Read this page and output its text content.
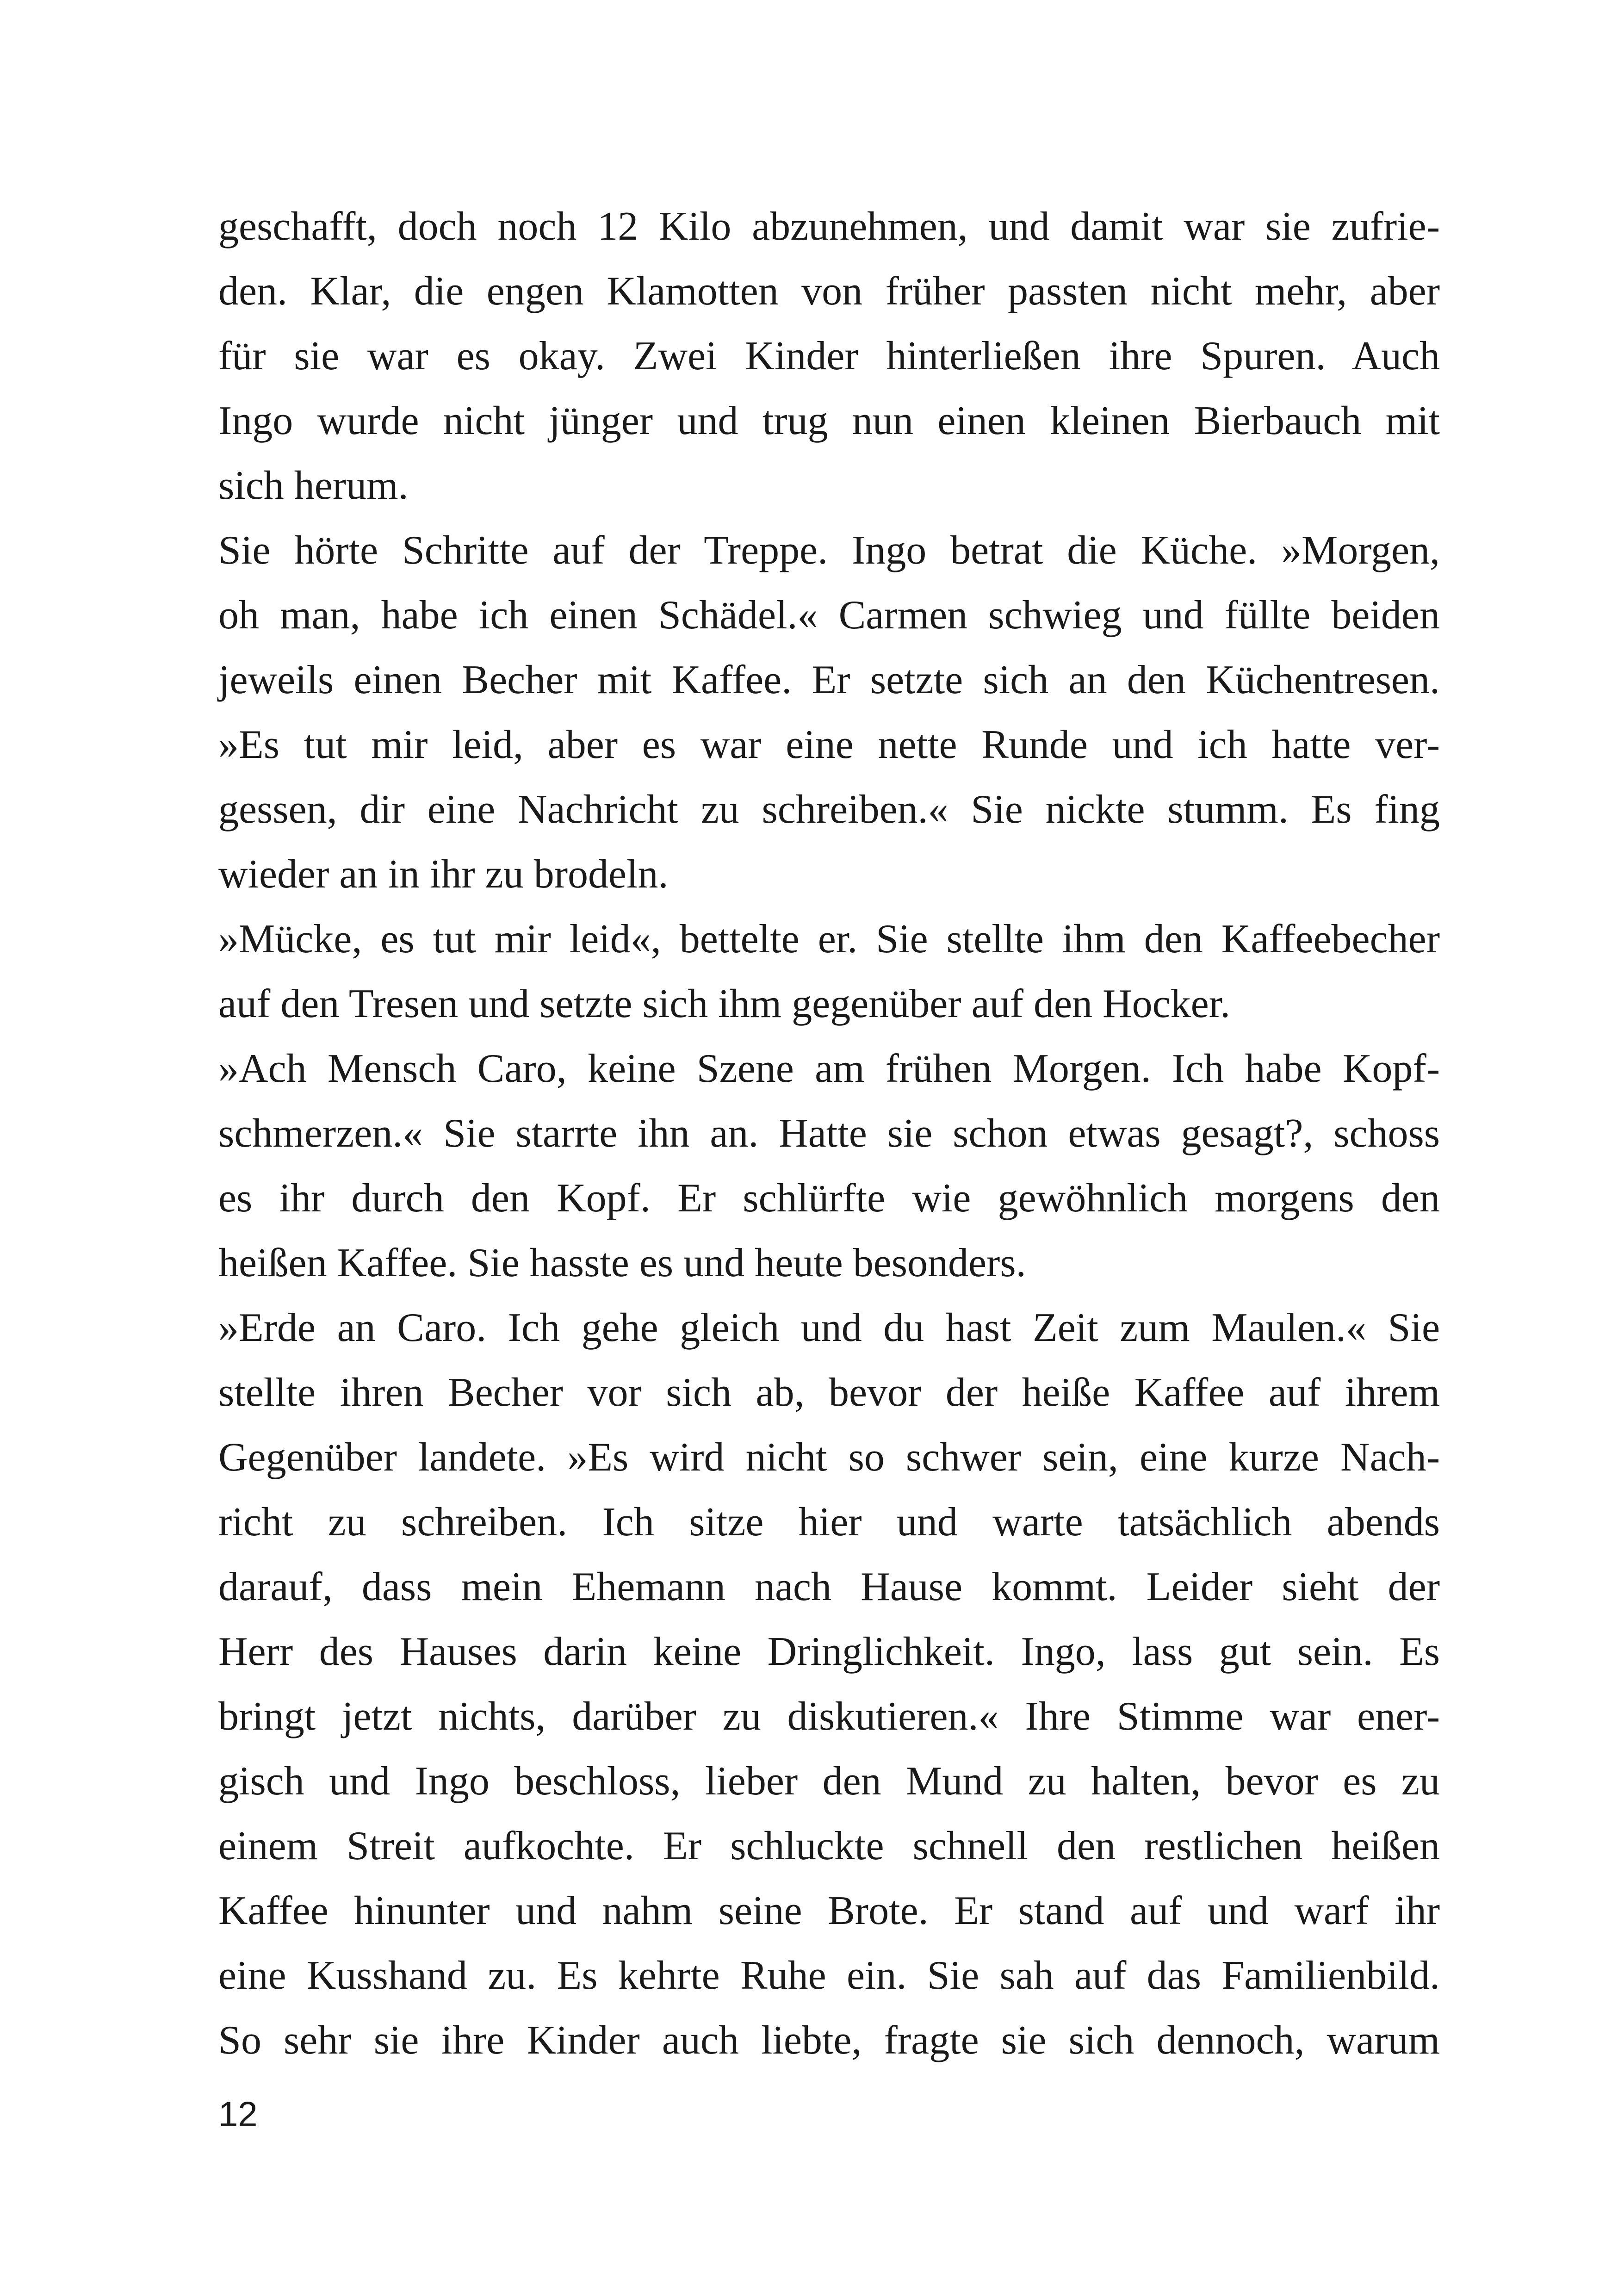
geschafft, doch noch 12 Kilo abzunehmen, und damit war sie zufrie-
den. Klar, die engen Klamotten von früher passten nicht mehr, aber
für sie war es okay. Zwei Kinder hinterließen ihre Spuren. Auch
Ingo wurde nicht jünger und trug nun einen kleinen Bierbauch mit
sich herum.
Sie hörte Schritte auf der Treppe. Ingo betrat die Küche. »Morgen,
oh man, habe ich einen Schädel.« Carmen schwieg und füllte beiden
jeweils einen Becher mit Kaffee. Er setzte sich an den Küchentresen.
»Es tut mir leid, aber es war eine nette Runde und ich hatte ver-
gessen, dir eine Nachricht zu schreiben.« Sie nickte stumm. Es fing
wieder an in ihr zu brodeln.
»Mücke, es tut mir leid«, bettelte er. Sie stellte ihm den Kaffeebecher
auf den Tresen und setzte sich ihm gegenüber auf den Hocker.
»Ach Mensch Caro, keine Szene am frühen Morgen. Ich habe Kopf-
schmerzen.« Sie starrte ihn an. Hatte sie schon etwas gesagt?, schoss
es ihr durch den Kopf. Er schlürfte wie gewöhnlich morgens den
heißen Kaffee. Sie hasste es und heute besonders.
»Erde an Caro. Ich gehe gleich und du hast Zeit zum Maulen.« Sie
stellte ihren Becher vor sich ab, bevor der heiße Kaffee auf ihrem
Gegenüber landete. »Es wird nicht so schwer sein, eine kurze Nach-
richt zu schreiben. Ich sitze hier und warte tatsächlich abends
darauf, dass mein Ehemann nach Hause kommt. Leider sieht der
Herr des Hauses darin keine Dringlichkeit. Ingo, lass gut sein. Es
bringt jetzt nichts, darüber zu diskutieren.« Ihre Stimme war ener-
gisch und Ingo beschloss, lieber den Mund zu halten, bevor es zu
einem Streit aufkochte. Er schluckte schnell den restlichen heißen
Kaffee hinunter und nahm seine Brote. Er stand auf und warf ihr
eine Kusshand zu. Es kehrte Ruhe ein. Sie sah auf das Familienbild.
So sehr sie ihre Kinder auch liebte, fragte sie sich dennoch, warum
12
